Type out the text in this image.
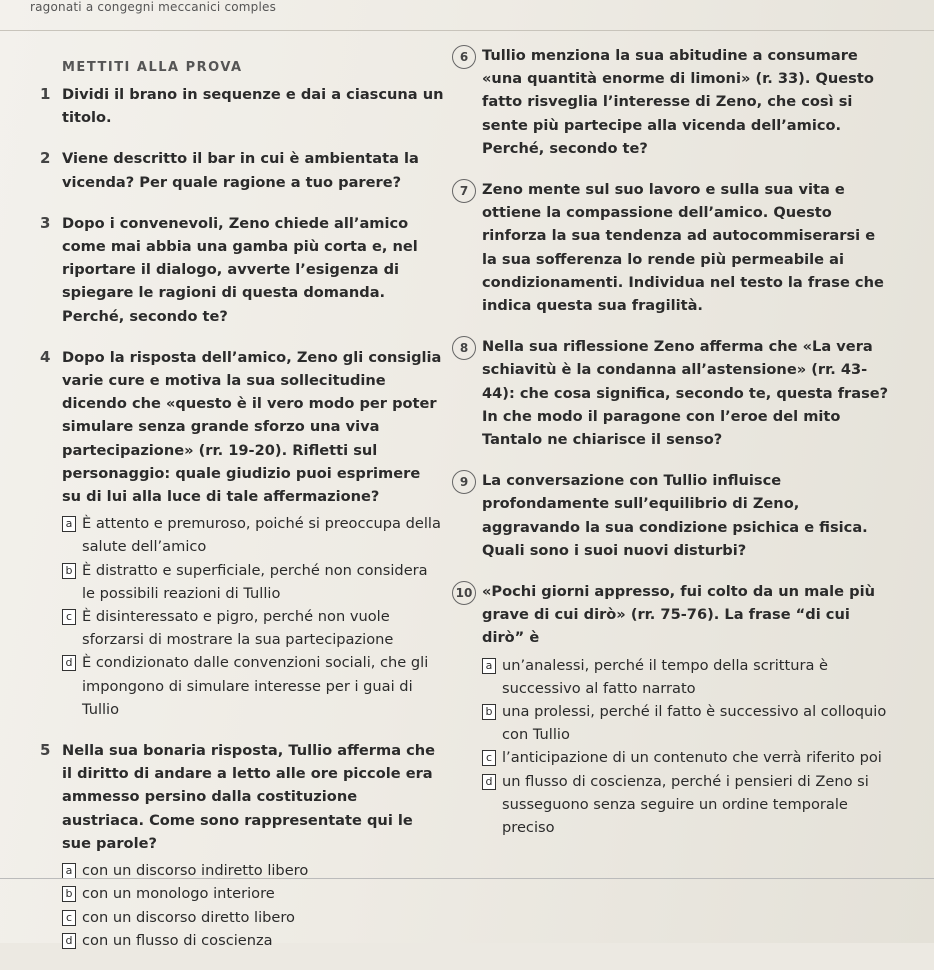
ragonati a congegni meccanici comples
METTITI ALLA PROVA
1 Dividi il brano in sequenze e dai a ciascuna un titolo.
2 Viene descritto il bar in cui è ambientata la vicenda? Per quale ragione a tuo parere?
3 Dopo i convenevoli, Zeno chiede all’amico come mai abbia una gamba più corta e, nel riportare il dialogo, avverte l’esigenza di spiegare le ragioni di questa domanda. Perché, secondo te?
4 Dopo la risposta dell’amico, Zeno gli consiglia varie cure e motiva la sua sollecitudine dicendo che «questo è il vero modo per poter simulare senza grande sforzo una viva partecipazione» (rr. 19-20). Rifletti sul personaggio: quale giudizio puoi esprimere su di lui alla luce di tale affermazione?
a È attento e premuroso, poiché si preoccupa della salute dell’amico
b È distratto e superficiale, perché non considera le possibili reazioni di Tullio
c È disinteressato e pigro, perché non vuole sforzarsi di mostrare la sua partecipazione
d È condizionato dalle convenzioni sociali, che gli impongono di simulare interesse per i guai di Tullio
5 Nella sua bonaria risposta, Tullio afferma che il diritto di andare a letto alle ore piccole era ammesso persino dalla costituzione austriaca. Come sono rappresentate qui le sue parole?
a con un discorso indiretto libero
b con un monologo interiore
c con un discorso diretto libero
d con un flusso di coscienza
6 Tullio menziona la sua abitudine a consumare «una quantità enorme di limoni» (r. 33). Questo fatto risveglia l’interesse di Zeno, che così si sente più partecipe alla vicenda dell’amico. Perché, secondo te?
7 Zeno mente sul suo lavoro e sulla sua vita e ottiene la compassione dell’amico. Questo rinforza la sua tendenza ad autocommiserarsi e la sua sofferenza lo rende più permeabile ai condizionamenti. Individua nel testo la frase che indica questa sua fragilità.
8 Nella sua riflessione Zeno afferma che «La vera schiavitù è la condanna all’astensione» (rr. 43-44): che cosa significa, secondo te, questa frase? In che modo il paragone con l’eroe del mito Tantalo ne chiarisce il senso?
9 La conversazione con Tullio influisce profondamente sull’equilibrio di Zeno, aggravando la sua condizione psichica e fisica. Quali sono i suoi nuovi disturbi?
10 «Pochi giorni appresso, fui colto da un male più grave di cui dirò» (rr. 75-76). La frase “di cui dirò” è
a un’analessi, perché il tempo della scrittura è successivo al fatto narrato
b una prolessi, perché il fatto è successivo al colloquio con Tullio
c l’anticipazione di un contenuto che verrà riferito poi
d un flusso di coscienza, perché i pensieri di Zeno si susseguono senza seguire un ordine temporale preciso
